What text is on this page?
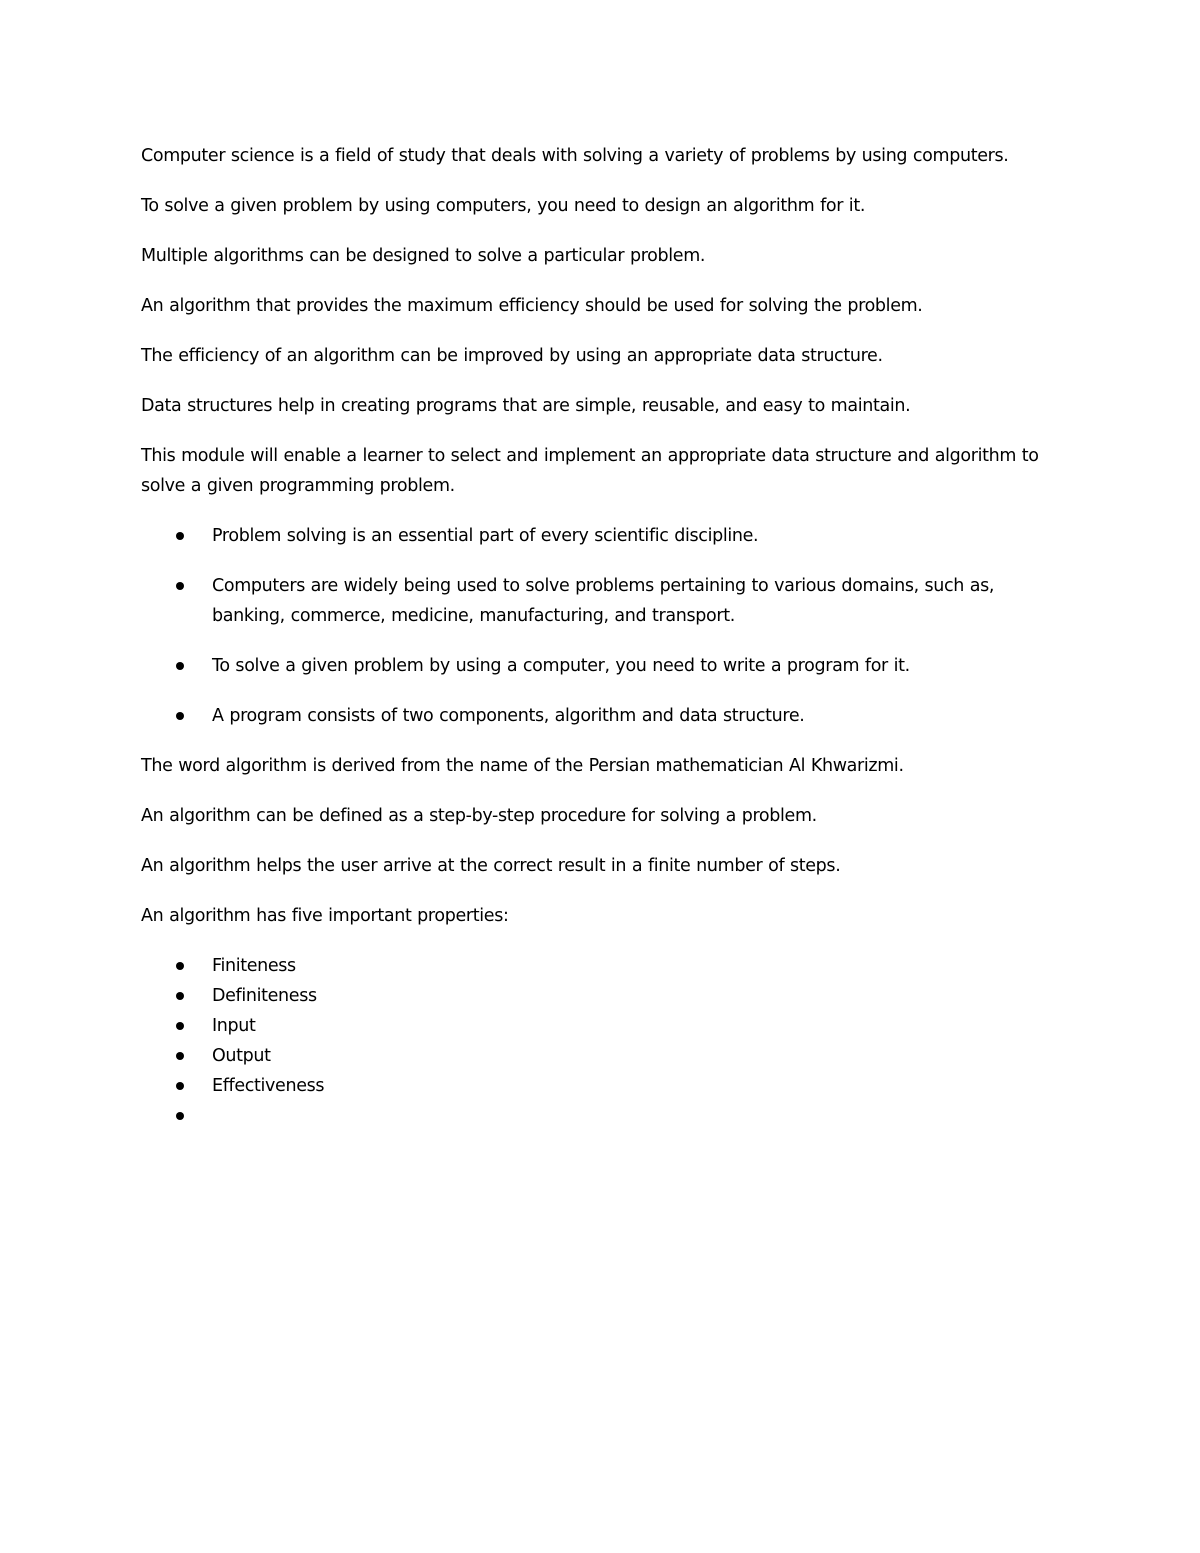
Computer science is a field of study that deals with solving a variety of problems by using computers.

To solve a given problem by using computers, you need to design an algorithm for it.

Multiple algorithms can be designed to solve a particular problem.

An algorithm that provides the maximum efficiency should be used for solving the problem.

The efficiency of an algorithm can be improved by using an appropriate data structure.

Data structures help in creating programs that are simple, reusable, and easy to maintain.

This module will enable a learner to select and implement an appropriate data structure and algorithm to solve a given programming problem.

Problem solving is an essential part of every scientific discipline.
Computers are widely being used to solve problems pertaining to various domains, such as, banking, commerce, medicine, manufacturing, and transport.
To solve a given problem by using a computer, you need to write a program for it.
A program consists of two components, algorithm and data structure.

The word algorithm is derived from the name of the Persian mathematician Al Khwarizmi.

An algorithm can be defined as a step-by-step procedure for solving a problem.

An algorithm helps the user arrive at the correct result in a finite number of steps.

An algorithm has five important properties:

Finiteness
Definiteness
Input
Output
Effectiveness
